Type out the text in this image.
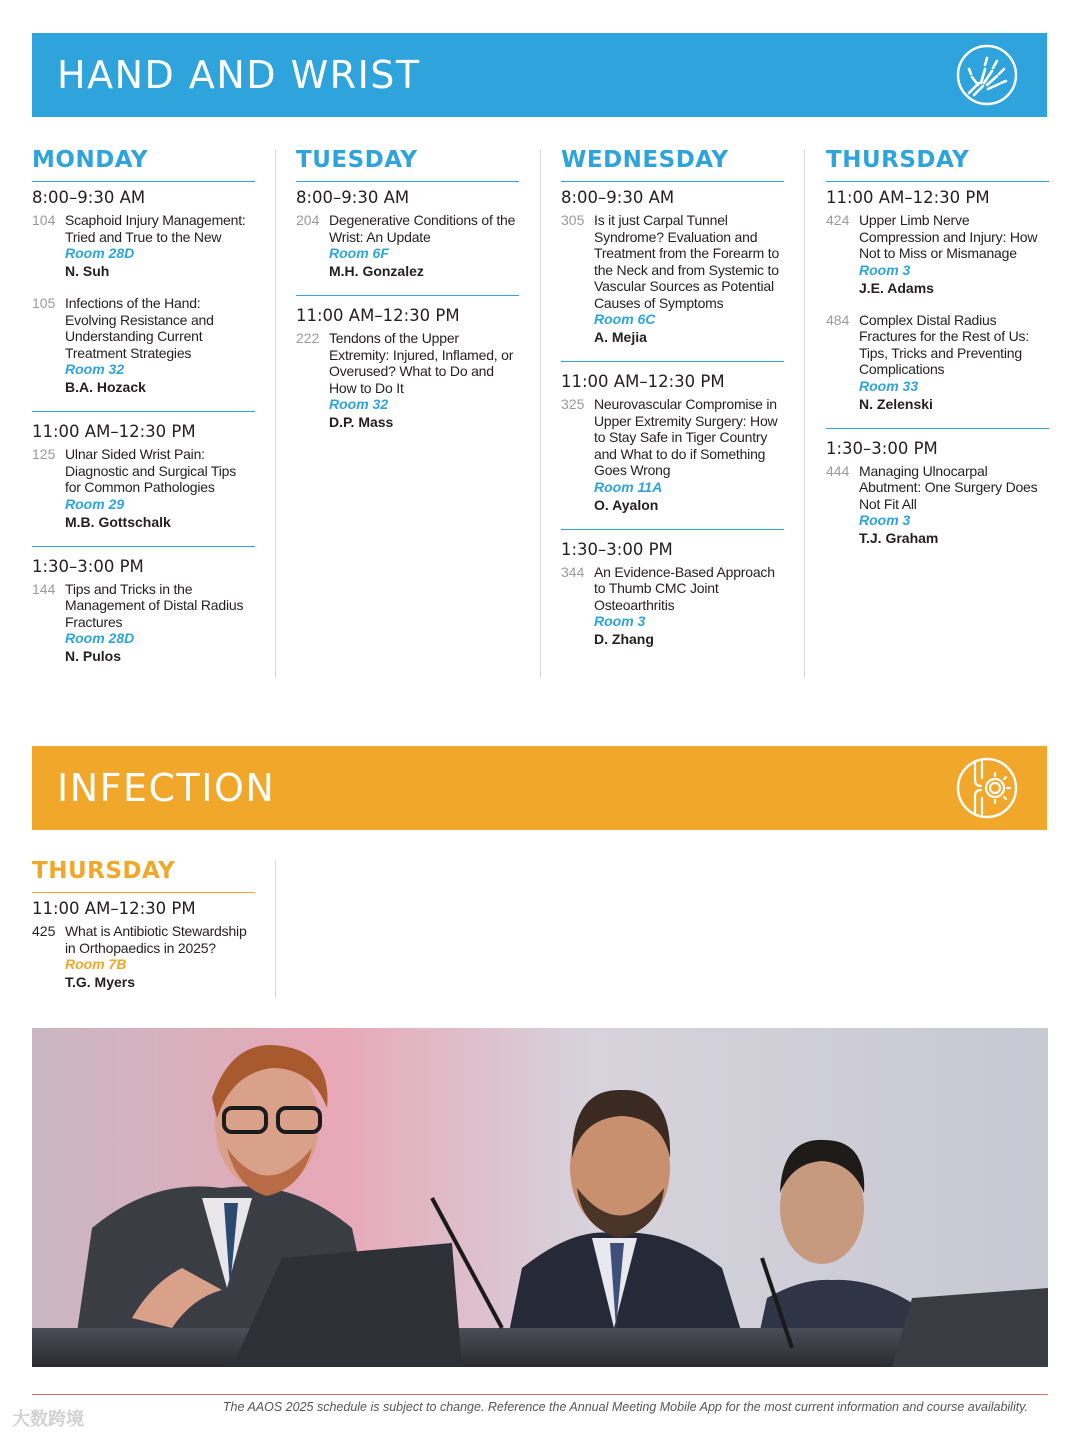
HAND AND WRIST
MONDAY
8:00–9:30 AM
104 Scaphoid Injury Management: Tried and True to the New
Room 28D
N. Suh
105 Infections of the Hand: Evolving Resistance and Understanding Current Treatment Strategies
Room 32
B.A. Hozack
11:00 AM–12:30 PM
125 Ulnar Sided Wrist Pain: Diagnostic and Surgical Tips for Common Pathologies
Room 29
M.B. Gottschalk
1:30–3:00 PM
144 Tips and Tricks in the Management of Distal Radius Fractures
Room 28D
N. Pulos
TUESDAY
8:00–9:30 AM
204 Degenerative Conditions of the Wrist: An Update
Room 6F
M.H. Gonzalez
11:00 AM–12:30 PM
222 Tendons of the Upper Extremity: Injured, Inflamed, or Overused? What to Do and How to Do It
Room 32
D.P. Mass
WEDNESDAY
8:00–9:30 AM
305 Is it just Carpal Tunnel Syndrome? Evaluation and Treatment from the Forearm to the Neck and from Systemic to Vascular Sources as Potential Causes of Symptoms
Room 6C
A. Mejia
11:00 AM–12:30 PM
325 Neurovascular Compromise in Upper Extremity Surgery: How to Stay Safe in Tiger Country and What to do if Something Goes Wrong
Room 11A
O. Ayalon
1:30–3:00 PM
344 An Evidence-Based Approach to Thumb CMC Joint Osteoarthritis
Room 3
D. Zhang
THURSDAY
11:00 AM–12:30 PM
424 Upper Limb Nerve Compression and Injury: How Not to Miss or Mismanage
Room 3
J.E. Adams
484 Complex Distal Radius Fractures for the Rest of Us: Tips, Tricks and Preventing Complications
Room 33
N. Zelenski
1:30–3:00 PM
444 Managing Ulnocarpal Abutment: One Surgery Does Not Fit All
Room 3
T.J. Graham
INFECTION
THURSDAY
11:00 AM–12:30 PM
425 What is Antibiotic Stewardship in Orthopaedics in 2025?
Room 7B
T.G. Myers
大数跨境
The AAOS 2025 schedule is subject to change. Reference the Annual Meeting Mobile App for the most current information and course availability.
